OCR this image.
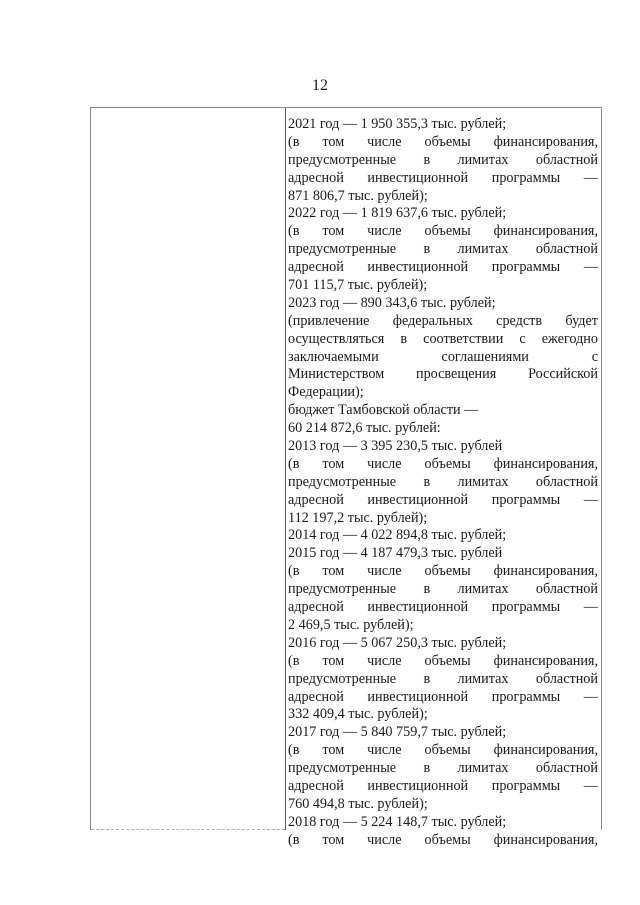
12
2021 год — 1 950 355,3 тыс. рублей;
(в том числе объемы финансирования,
предусмотренные в лимитах областной
адресной инвестиционной программы —
871 806,7 тыс. рублей);
2022 год — 1 819 637,6 тыс. рублей;
(в том числе объемы финансирования,
предусмотренные в лимитах областной
адресной инвестиционной программы —
701 115,7 тыс. рублей);
2023 год — 890 343,6 тыс. рублей;
(привлечение федеральных средств будет
осуществляться в соответствии с ежегодно
заключаемыми соглашениями с
Министерством просвещения Российской
Федерации);
бюджет Тамбовской области —
60 214 872,6 тыс. рублей:
2013 год — 3 395 230,5 тыс. рублей
(в том числе объемы финансирования,
предусмотренные в лимитах областной
адресной инвестиционной программы —
112 197,2 тыс. рублей);
2014 год — 4 022 894,8 тыс. рублей;
2015 год — 4 187 479,3 тыс. рублей
(в том числе объемы финансирования,
предусмотренные в лимитах областной
адресной инвестиционной программы —
2 469,5 тыс. рублей);
2016 год — 5 067 250,3 тыс. рублей;
(в том числе объемы финансирования,
предусмотренные в лимитах областной
адресной инвестиционной программы —
332 409,4 тыс. рублей);
2017 год — 5 840 759,7 тыс. рублей;
(в том числе объемы финансирования,
предусмотренные в лимитах областной
адресной инвестиционной программы —
760 494,8 тыс. рублей);
2018 год — 5 224 148,7 тыс. рублей;
(в том числе объемы финансирования,
